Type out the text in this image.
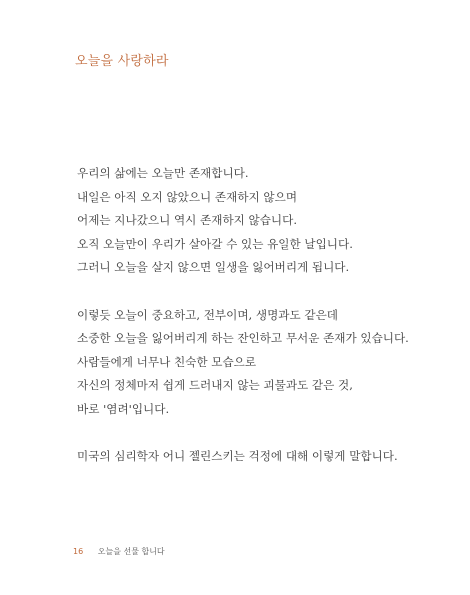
오늘을 사랑하라
우리의 삶에는 오늘만 존재합니다.
내일은 아직 오지 않았으니 존재하지 않으며
어제는 지나갔으니 역시 존재하지 않습니다.
오직 오늘만이 우리가 살아갈 수 있는 유일한 날입니다.
그러니 오늘을 살지 않으면 일생을 잃어버리게 됩니다.
이렇듯 오늘이 중요하고, 전부이며, 생명과도 같은데
소중한 오늘을 잃어버리게 하는 잔인하고 무서운 존재가 있습니다.
사람들에게 너무나 친숙한 모습으로
자신의 정체마저 쉽게 드러내지 않는 괴물과도 같은 것,
바로 '염려'입니다.
미국의 심리학자 어니 젤린스키는 걱정에 대해 이렇게 말합니다.
16 오늘을 선물 합니다
